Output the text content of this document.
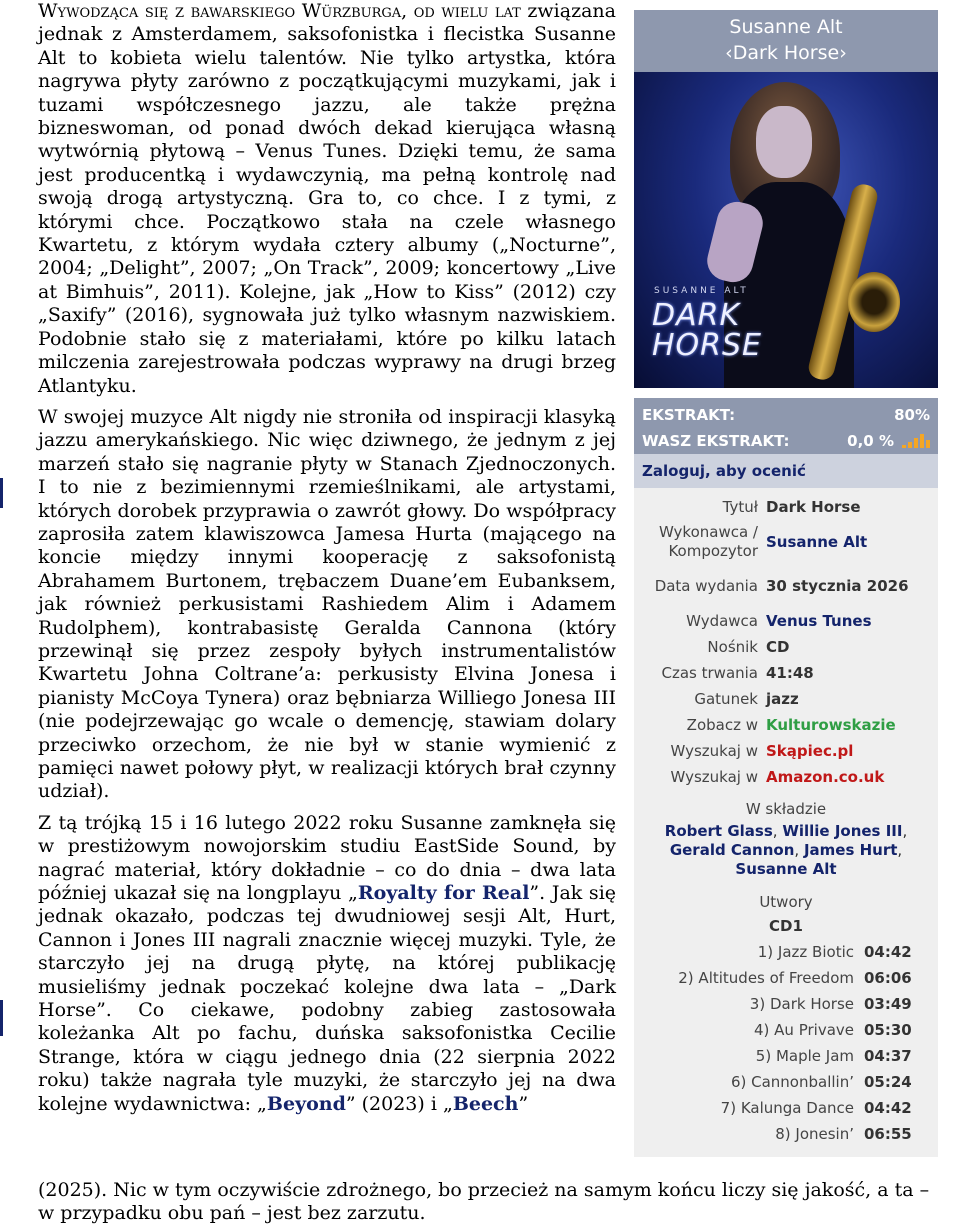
Wywodząca się z bawarskiego Würzburga, od wielu lat związana jednak z Amsterdamem, saksofonistka i flecistka Susanne Alt to kobieta wielu talentów. Nie tylko artystka, która nagrywa płyty zarówno z początkującymi muzykami, jak i tuzami współczesnego jazzu, ale także prężna bizneswoman, od ponad dwóch dekad kierująca własną wytwórnią płytową – Venus Tunes. Dzięki temu, że sama jest producentką i wydawczynią, ma pełną kontrolę nad swoją drogą artystyczną. Gra to, co chce. I z tymi, z którymi chce. Początkowo stała na czele własnego Kwartetu, z którym wydała cztery albumy („Nocturne”, 2004; „Delight”, 2007; „On Track”, 2009; koncertowy „Live at Bimhuis”, 2011). Kolejne, jak „How to Kiss” (2012) czy „Saxify” (2016), sygnowała już tylko własnym nazwiskiem. Podobnie stało się z materiałami, które po kilku latach milczenia zarejestrowała podczas wyprawy na drugi brzeg Atlantyku.

W swojej muzyce Alt nigdy nie stroniła od inspiracji klasyką jazzu amerykańskiego. Nic więc dziwnego, że jednym z jej marzeń stało się nagranie płyty w Stanach Zjednoczonych. I to nie z bezimiennymi rzemieślnikami, ale artystami, których dorobek przyprawia o zawrót głowy. Do współpracy zaprosiła zatem klawiszowca Jamesa Hurta (mającego na koncie między innymi kooperację z saksofonistą Abrahamem Burtonem, trębaczem Duane’em Eubanksem, jak również perkusistami Rashiedem Alim i Adamem Rudolphem), kontrabasistę Geralda Cannona (który przewinął się przez zespoły byłych instrumentalistów Kwartetu Johna Coltrane’a: perkusisty Elvina Jonesa i pianisty McCoya Tynera) oraz bębniarza Williego Jonesa III (nie podejrzewając go wcale o demencję, stawiam dolary przeciwko orzechom, że nie był w stanie wymienić z pamięci nawet połowy płyt, w realizacji których brał czynny udział).

Z tą trójką 15 i 16 lutego 2022 roku Susanne zamknęła się w prestiżowym nowojorskim studiu EastSide Sound, by nagrać materiał, który dokładnie – co do dnia – dwa lata później ukazał się na longplayu „Royalty for Real”. Jak się jednak okazało, podczas tej dwudniowej sesji Alt, Hurt, Cannon i Jones III nagrali znacznie więcej muzyki. Tyle, że starczyło jej na drugą płytę, na której publikację musieliśmy jednak poczekać kolejne dwa lata – „Dark Horse”. Co ciekawe, podobny zabieg zastosowała koleżanka Alt po fachu, duńska saksofonistka Cecilie Strange, która w ciągu jednego dnia (22 sierpnia 2022 roku) także nagrała tyle muzyki, że starczyło jej na dwa kolejne wydawnictwa: „Beyond” (2023) i „Beech”

(2025). Nic w tym oczywiście zdrożnego, bo przecież na samym końcu liczy się jakość, a ta – w przypadku obu pań – jest bez zarzutu.
Susanne Alt
‹Dark Horse›
SUSANNE ALT
DARK
HORSE
EKSTRAKT:	80%
WASZ EKSTRAKT:	0,0 %
Zaloguj, aby ocenić
Tytuł Dark Horse
Wykonawca / Kompozytor
Susanne Alt
Data wydania 30 stycznia 2026
Wydawca Venus Tunes
Nośnik CD
Czas trwania 41:48
Gatunek jazz
Zobacz w Kulturowskazie
Wyszukaj w Skąpiec.pl
Wyszukaj w Amazon.co.uk
W składzie
Robert Glass, Willie Jones III,
Gerald Cannon, James Hurt,
Susanne Alt
Utwory
CD1
1) Jazz Biotic 04:42
2) Altitudes of Freedom 06:06
3) Dark Horse 03:49
4) Au Privave 05:30
5) Maple Jam 04:37
6) Cannonballin’ 05:24
7) Kalunga Dance 04:42
8) Jonesin’ 06:55
